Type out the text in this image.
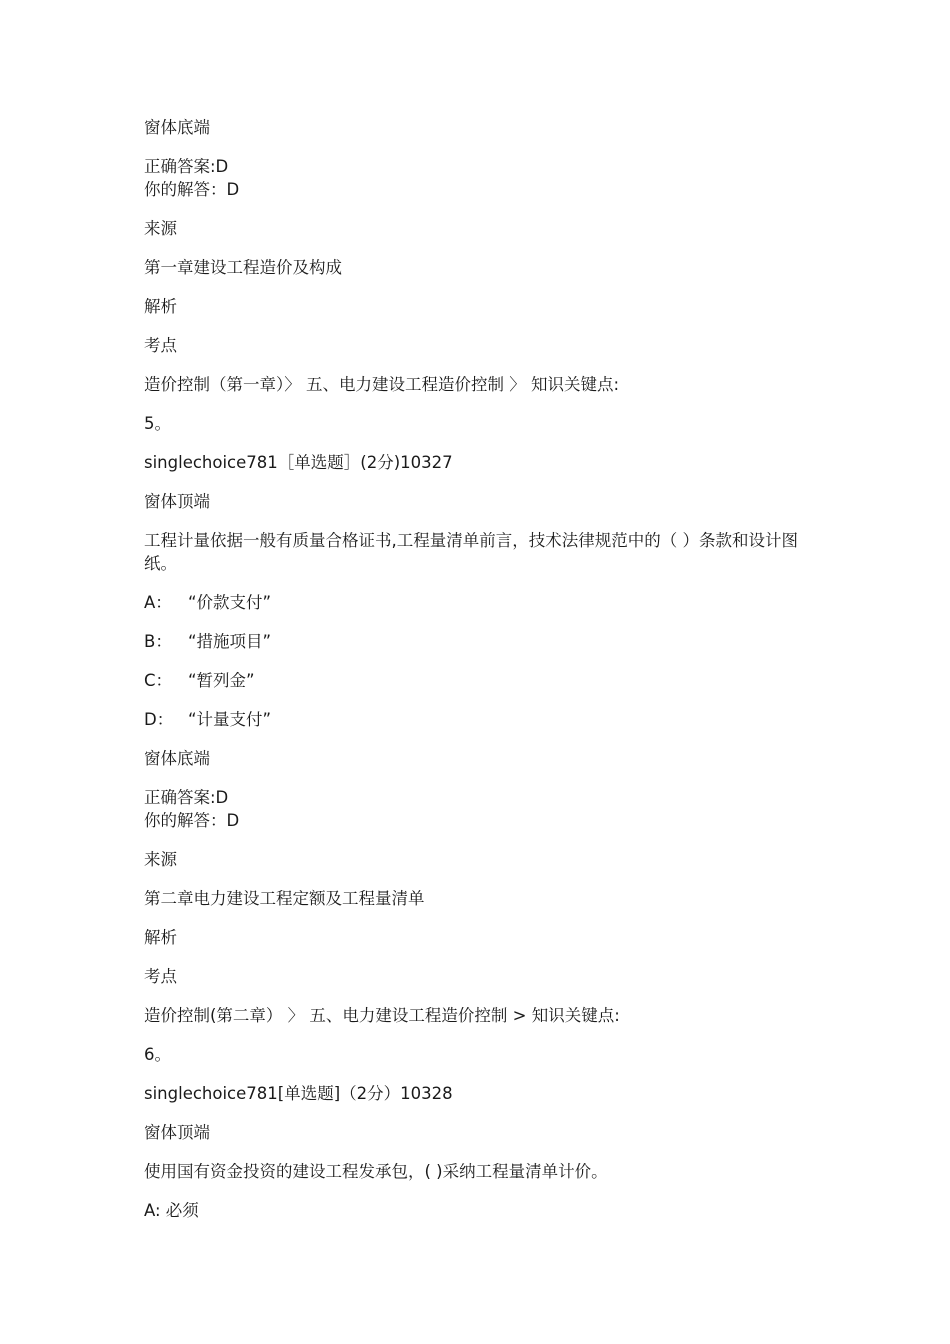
窗体底端

正确答案:D

你的解答：D

来源

第一章建设工程造价及构成

解析

考点

造价控制（第一章）〉 五、电力建设工程造价控制 〉 知识关键点:

5。

singlechoice781［单选题］(2分)10327

窗体顶端

工程计量依据一般有质量合格证书,工程量清单前言，技术法律规范中的（ ）条款和设计图纸。

A： “价款支付”

B： “措施项目”

C： “暂列金”

D： “计量支付”

窗体底端

正确答案:D

你的解答：D

来源

第二章电力建设工程定额及工程量清单

解析

考点

造价控制(第二章） 〉 五、电力建设工程造价控制 > 知识关键点:

6。

singlechoice781[单选题]（2分）10328

窗体顶端

使用国有资金投资的建设工程发承包，( )采纳工程量清单计价。

A: 必须
